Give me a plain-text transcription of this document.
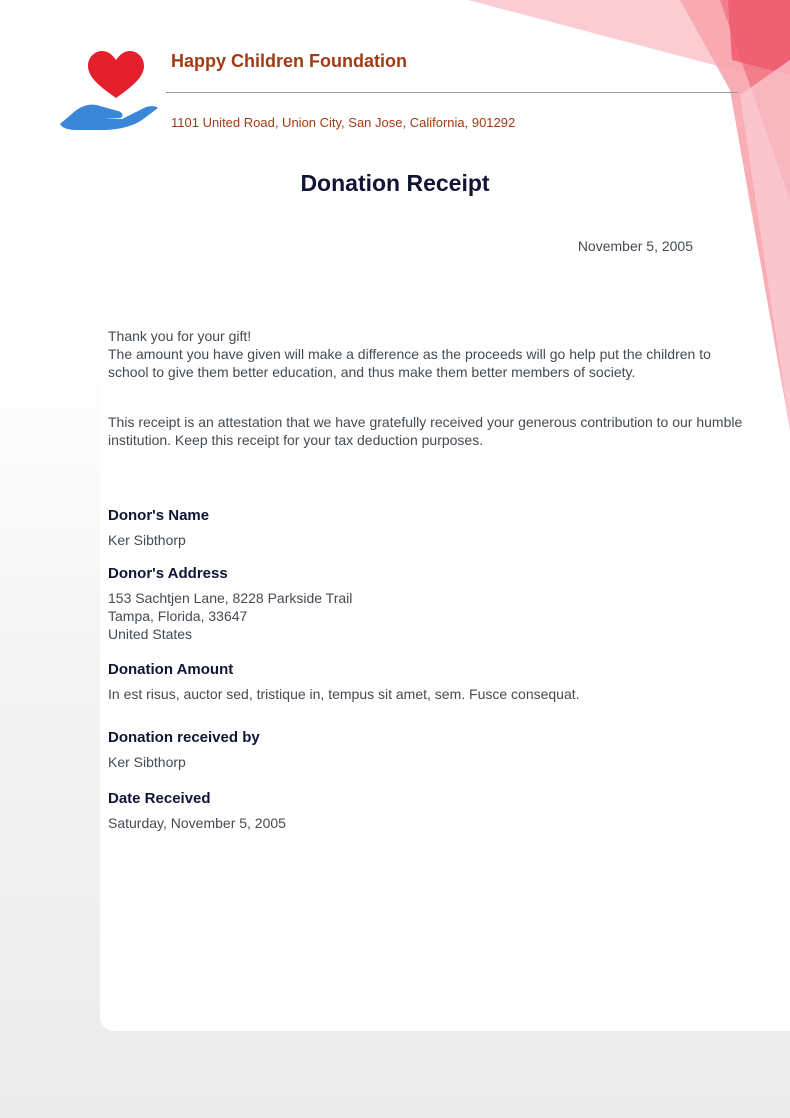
Happy Children Foundation
1101 United Road, Union City, San Jose, California, 901292
Donation Receipt
November 5, 2005
Thank you for your gift!
The amount you have given will make a difference as the proceeds will go help put the children to school to give them better education, and thus make them better members of society.
This receipt is an attestation that we have gratefully received your generous contribution to our humble institution. Keep this receipt for your tax deduction purposes.
Donor's Name
Ker Sibthorp
Donor's Address
153 Sachtjen Lane, 8228 Parkside Trail
Tampa, Florida, 33647
United States
Donation Amount
In est risus, auctor sed, tristique in, tempus sit amet, sem. Fusce consequat.
Donation received by
Ker Sibthorp
Date Received
Saturday, November 5, 2005
